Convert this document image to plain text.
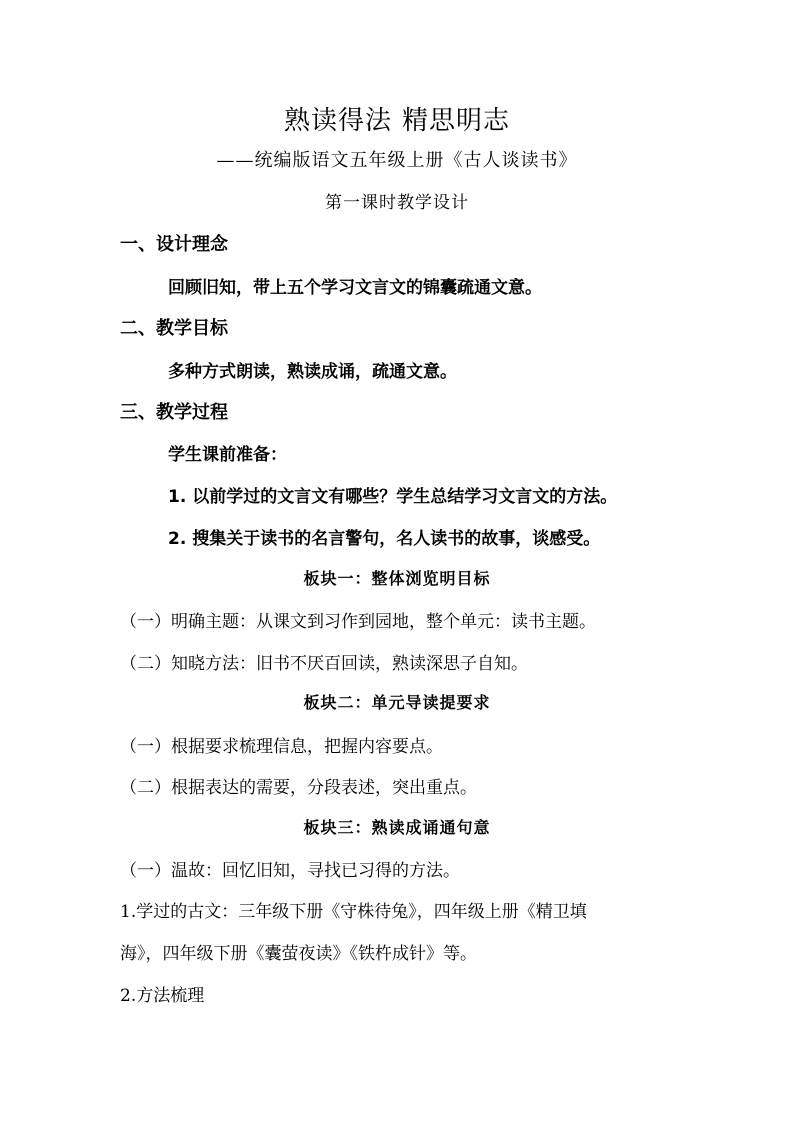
熟读得法 精思明志
——统编版语文五年级上册《古人谈读书》
第一课时教学设计
一、设计理念
回顾旧知，带上五个学习文言文的锦囊疏通文意。
二、教学目标
多种方式朗读，熟读成诵，疏通文意。
三、教学过程
学生课前准备：
1. 以前学过的文言文有哪些？学生总结学习文言文的方法。
2. 搜集关于读书的名言警句，名人读书的故事，谈感受。
板块一：整体浏览明目标
（一）明确主题：从课文到习作到园地，整个单元：读书主题。
（二）知晓方法：旧书不厌百回读，熟读深思子自知。
板块二：单元导读提要求
（一）根据要求梳理信息，把握内容要点。
（二）根据表达的需要，分段表述，突出重点。
板块三：熟读成诵通句意
（一）温故：回忆旧知，寻找已习得的方法。
1.学过的古文：三年级下册《守株待兔》，四年级上册《精卫填
海》，四年级下册《囊萤夜读》《铁杵成针》等。
2.方法梳理
